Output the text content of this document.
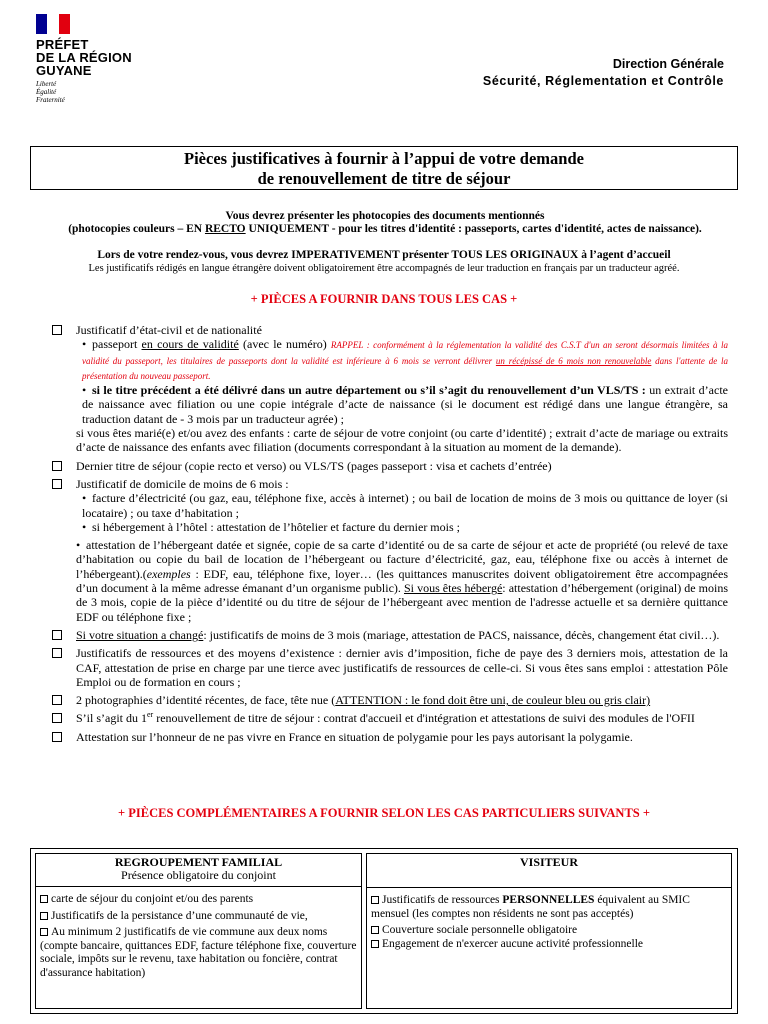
PRÉFET
DE LA RÉGION
GUYANE
Liberté
Égalité
Fraternité
Direction Générale
Sécurité, Réglementation et Contrôle
Pièces justificatives à fournir à l’appui de votre demande
de renouvellement de titre de séjour
Vous devrez présenter les photocopies des documents mentionnés
(photocopies couleurs – EN RECTO UNIQUEMENT - pour les titres d'identité : passeports, cartes d'identité, actes de naissance).
Lors de votre rendez-vous, vous devrez IMPERATIVEMENT présenter TOUS LES ORIGINAUX à l’agent d’accueil
Les justificatifs rédigés en langue étrangère doivent obligatoirement être accompagnés de leur traduction en français par un traducteur agréé.
+ PIÈCES A FOURNIR DANS TOUS LES CAS +
Justificatif d’état-civil et de nationalité
• passeport en cours de validité (avec le numéro) RAPPEL : conformément à la réglementation la validité des C.S.T d'un an seront désormais limitées à la validité du passeport, les titulaires de passeports dont la validité est inférieure à 6 mois se verront délivrer un récépissé de 6 mois non renouvelable dans l'attente de la présentation du nouveau passeport.
• si le titre précédent a été délivré dans un autre département ou s’il s’agit du renouvellement d’un VLS/TS : un extrait d’acte de naissance avec filiation ou une copie intégrale d’acte de naissance (si le document est rédigé dans une langue étrangère, sa traduction datant de - 3 mois par un traducteur agrée) ;
si vous êtes marié(e) et/ou avez des enfants : carte de séjour de votre conjoint (ou carte d’identité) ; extrait d’acte de mariage ou extraits d’acte de naissance des enfants avec filiation (documents correspondant à la situation au moment de la demande).
Dernier titre de séjour (copie recto et verso) ou VLS/TS (pages passeport : visa et cachets d’entrée)
Justificatif de domicile de moins de 6 mois :
• facture d’électricité (ou gaz, eau, téléphone fixe, accès à internet) ; ou bail de location de moins de 3 mois ou quittance de loyer (si locataire) ; ou taxe d’habitation ;
• si hébergement à l’hôtel : attestation de l’hôtelier et facture du dernier mois ;
• attestation de l’hébergeant datée et signée, copie de sa carte d’identité ou de sa carte de séjour et acte de propriété (ou relevé de taxe d’habitation ou copie du bail de location de l’hébergeant ou facture d’électricité, gaz, eau, téléphone fixe ou accès à internet de l’hébergeant).(exemples : EDF, eau, téléphone fixe, loyer… (les quittances manuscrites doivent obligatoirement être accompagnées d’un document à la même adresse émanant d’un organisme public). Si vous êtes hébergé: attestation d’hébergement (original) de moins de 3 mois, copie de la pièce d’identité ou du titre de séjour de l’hébergeant avec mention de l'adresse actuelle et sa dernière quittance EDF ou téléphone fixe ;
Si votre situation a changé: justificatifs de moins de 3 mois (mariage, attestation de PACS, naissance, décès, changement état civil…).
Justificatifs de ressources et des moyens d’existence : dernier avis d’imposition, fiche de paye des 3 derniers mois, attestation de la CAF, attestation de prise en charge par une tierce avec justificatifs de ressources de celle-ci. Si vous êtes sans emploi : attestation Pôle Emploi ou de formation en cours ;
2 photographies d’identité récentes, de face, tête nue (ATTENTION : le fond doit être uni, de couleur bleu ou gris clair)
S’il s’agit du 1er renouvellement de titre de séjour : contrat d'accueil et d'intégration et attestations de suivi des modules de l'OFII
Attestation sur l’honneur de ne pas vivre en France en situation de polygamie pour les pays autorisant la polygamie.
+ PIÈCES COMPLÉMENTAIRES A FOURNIR SELON LES CAS PARTICULIERS SUIVANTS +
REGROUPEMENT FAMILIAL
Présence obligatoire du conjoint
carte de séjour du conjoint et/ou des parents
Justificatifs de la persistance d’une communauté de vie,
Au minimum 2 justificatifs de vie commune aux deux noms (compte bancaire, quittances EDF, facture téléphone fixe, couverture sociale, impôts sur le revenu, taxe habitation ou foncière, contrat d'assurance habitation)
VISITEUR
Justificatifs de ressources PERSONNELLES équivalent au SMIC mensuel (les comptes non résidents ne sont pas acceptés)
Couverture sociale personnelle obligatoire
Engagement de n'exercer aucune activité professionnelle
